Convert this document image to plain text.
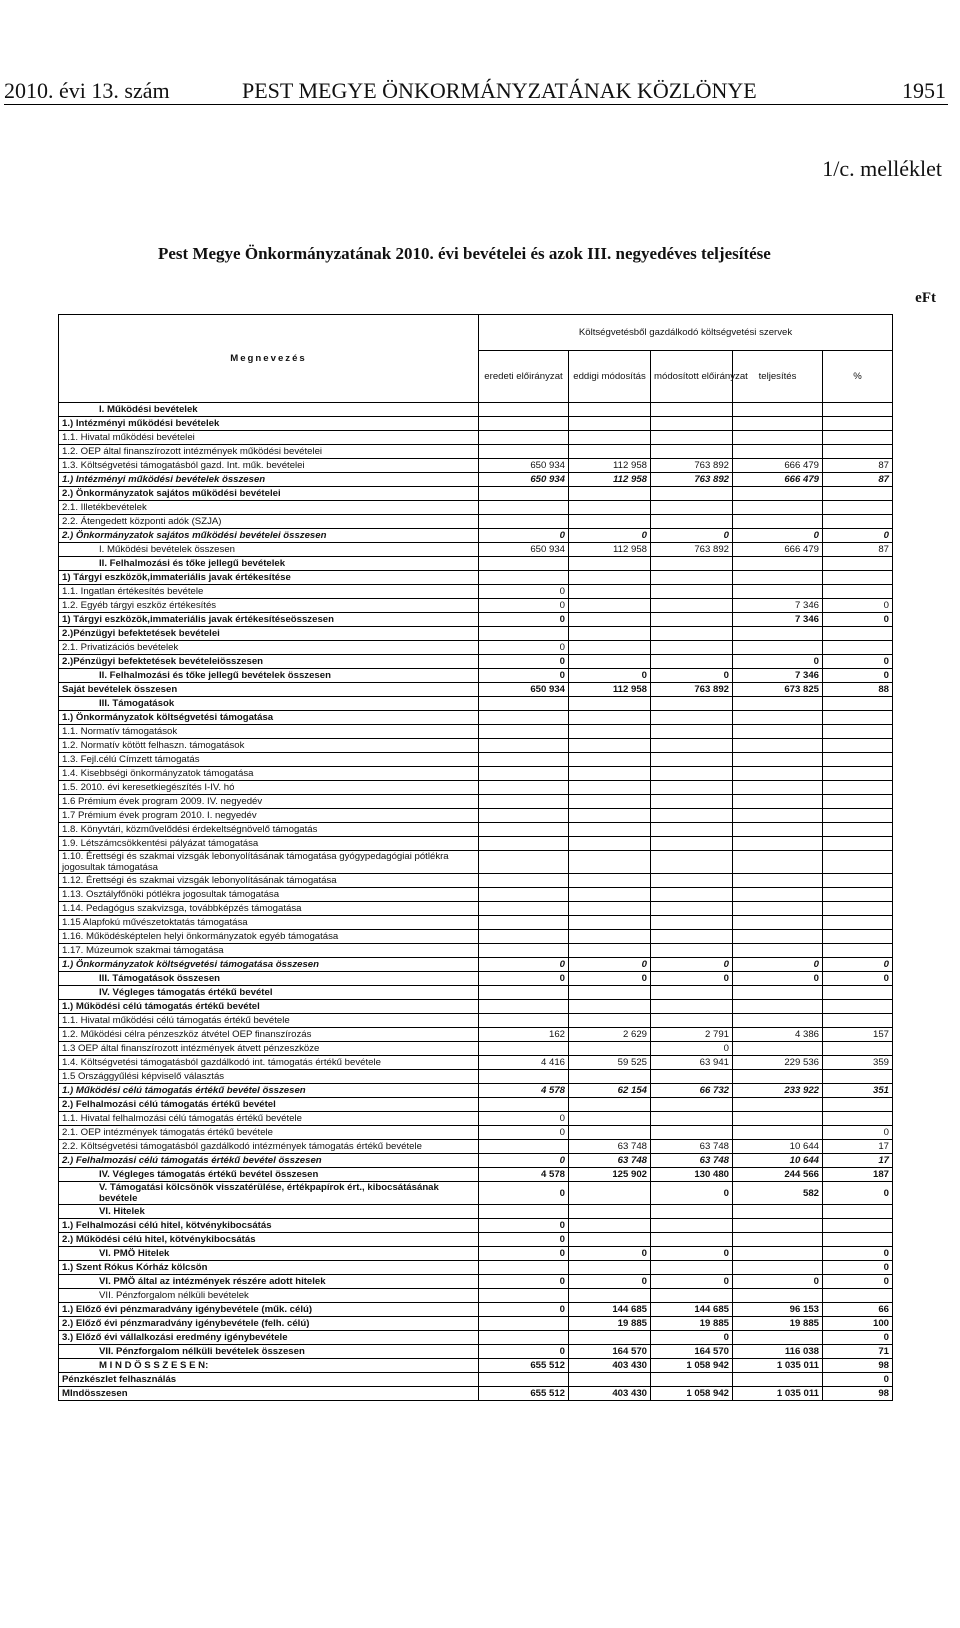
2010. évi 13. szám	PEST MEGYE ÖNKORMÁNYZATÁNAK KÖZLÖNYE	1951
1/c. melléklet
Pest Megye Önkormányzatának 2010. évi bevételei és azok III. negyedéves teljesítése
eFt
Megnevezés	Költségvetésből gazdálkodó költségvetési szervek				
	eredeti előirányzat	eddigi módosítás	módosított előirányzat	teljesítés	%
I. Működési bevételek					
1.) Intézményi működési bevételek					
1.1. Hivatal működési bevételei					
1.2. OEP által finanszírozott intézmények működési bevételei					
1.3. Költségvetési támogatásból gazd. Int. műk. bevételei	650 934	112 958	763 892	666 479	87
1.) Intézményi működési bevételek összesen	650 934	112 958	763 892	666 479	87
2.) Önkormányzatok sajátos működési bevételei					
2.1. Illetékbevételek					
2.2. Átengedett központi adók (SZJA)					
2.) Önkormányzatok sajátos működési bevételei összesen	0	0	0	0	0
I. Működési bevételek összesen	650 934	112 958	763 892	666 479	87
II. Felhalmozási és tőke jellegű bevételek					
1) Tárgyi eszközök,immateriális javak értékesítése					
1.1. Ingatlan értékesítés bevétele	0				
1.2. Egyéb tárgyi eszköz értékesítés	0			7 346	0
1) Tárgyi eszközök,immateriális javak értékesítéseösszesen	0			7 346	0
2.)Pénzügyi befektetések bevételei					
2.1. Privatizációs bevételek	0				
2.)Pénzügyi befektetések bevételeiösszesen	0			0	0
II. Felhalmozási és tőke jellegű bevételek összesen	0	0	0	7 346	0
Saját bevételek összesen	650 934	112 958	763 892	673 825	88
III. Támogatások					
1.) Önkormányzatok költségvetési támogatása					
1.1. Normatív támogatások					
1.2. Normatív kötött felhaszn. támogatások					
1.3. Fejl.célú Címzett támogatás					
1.4. Kisebbségi önkormányzatok támogatása					
1.5. 2010. évi keresetkiegészítés I-IV. hó					
1.6 Prémium évek program 2009. IV. negyedév					
1.7 Prémium évek program 2010. I. negyedév					
1.8. Könyvtári, közművelődési érdekeltségnövelő támogatás					
1.9. Létszámcsökkentési pályázat támogatása					
1.10. Érettségi és szakmai vizsgák lebonyolításának támogatása gyógypedagógiai pótlékra jogosultak támogatása					
1.12. Érettségi és szakmai vizsgák lebonyolításának támogatása					
1.13. Osztályfőnöki pótlékra jogosultak támogatása					
1.14. Pedagógus szakvizsga, továbbképzés támogatása					
1.15 Alapfokú művészetoktatás támogatása					
1.16. Működésképtelen helyi önkormányzatok egyéb támogatása					
1.17. Múzeumok szakmai támogatása					
1.) Önkormányzatok költségvetési támogatása összesen	0	0	0	0	0
III. Támogatások összesen	0	0	0	0	0
IV. Végleges támogatás értékű bevétel					
1.) Működési célú támogatás értékű bevétel					
1.1. Hivatal működési célú támogatás értékű bevétele					
1.2. Működési célra pénzeszköz átvétel OEP finanszírozás	162	2 629	2 791	4 386	157
1.3 OEP által finanszírozott intézmények átvett pénzeszköze			0		
1.4. Költségvetési támogatásból gazdálkodó int. támogatás értékű bevétele	4 416	59 525	63 941	229 536	359
1.5 Országgyűlési képviselő választás					
1.) Működési célú támogatás értékű bevétel összesen	4 578	62 154	66 732	233 922	351
2.) Felhalmozási célú támogatás értékű bevétel					
1.1. Hivatal felhalmozási célú támogatás értékű bevétele	0				
2.1. OEP intézmények támogatás értékű bevétele	0				0
2.2. Költségvetési támogatásból gazdálkodó intézmények támogatás értékű bevétele		63 748	63 748	10 644	17
2.) Felhalmozási célú támogatás értékű bevétel összesen	0	63 748	63 748	10 644	17
IV. Végleges támogatás értékű bevétel összesen	4 578	125 902	130 480	244 566	187
V. Támogatási kölcsönök visszatérülése, értékpapírok ért., kibocsátásának bevétele	0		0	582	0
VI. Hitelek					
1.) Felhalmozási célú hitel, kötvénykibocsátás	0				
2.) Működési célú hitel, kötvénykibocsátás	0				
VI. PMÖ Hitelek	0	0	0		0
1.) Szent Rókus Kórház kölcsön					0
VI. PMÖ által az intézmények részére adott hitelek	0	0	0	0	0
VII. Pénzforgalom nélküli bevételek					
1.) Előző évi pénzmaradvány igénybevétele (műk. célú)	0	144 685	144 685	96 153	66
2.) Előző évi pénzmaradvány igénybevétele (felh. célú)		19 885	19 885	19 885	100
3.) Előző évi vállalkozási eredmény igénybevétele			0		0
VII. Pénzforgalom nélküli bevételek összesen	0	164 570	164 570	116 038	71
M I N D Ö S S Z E S E N:	655 512	403 430	1 058 942	1 035 011	98
Pénzkészlet felhasználás					0
MIndösszesen	655 512	403 430	1 058 942	1 035 011	98
